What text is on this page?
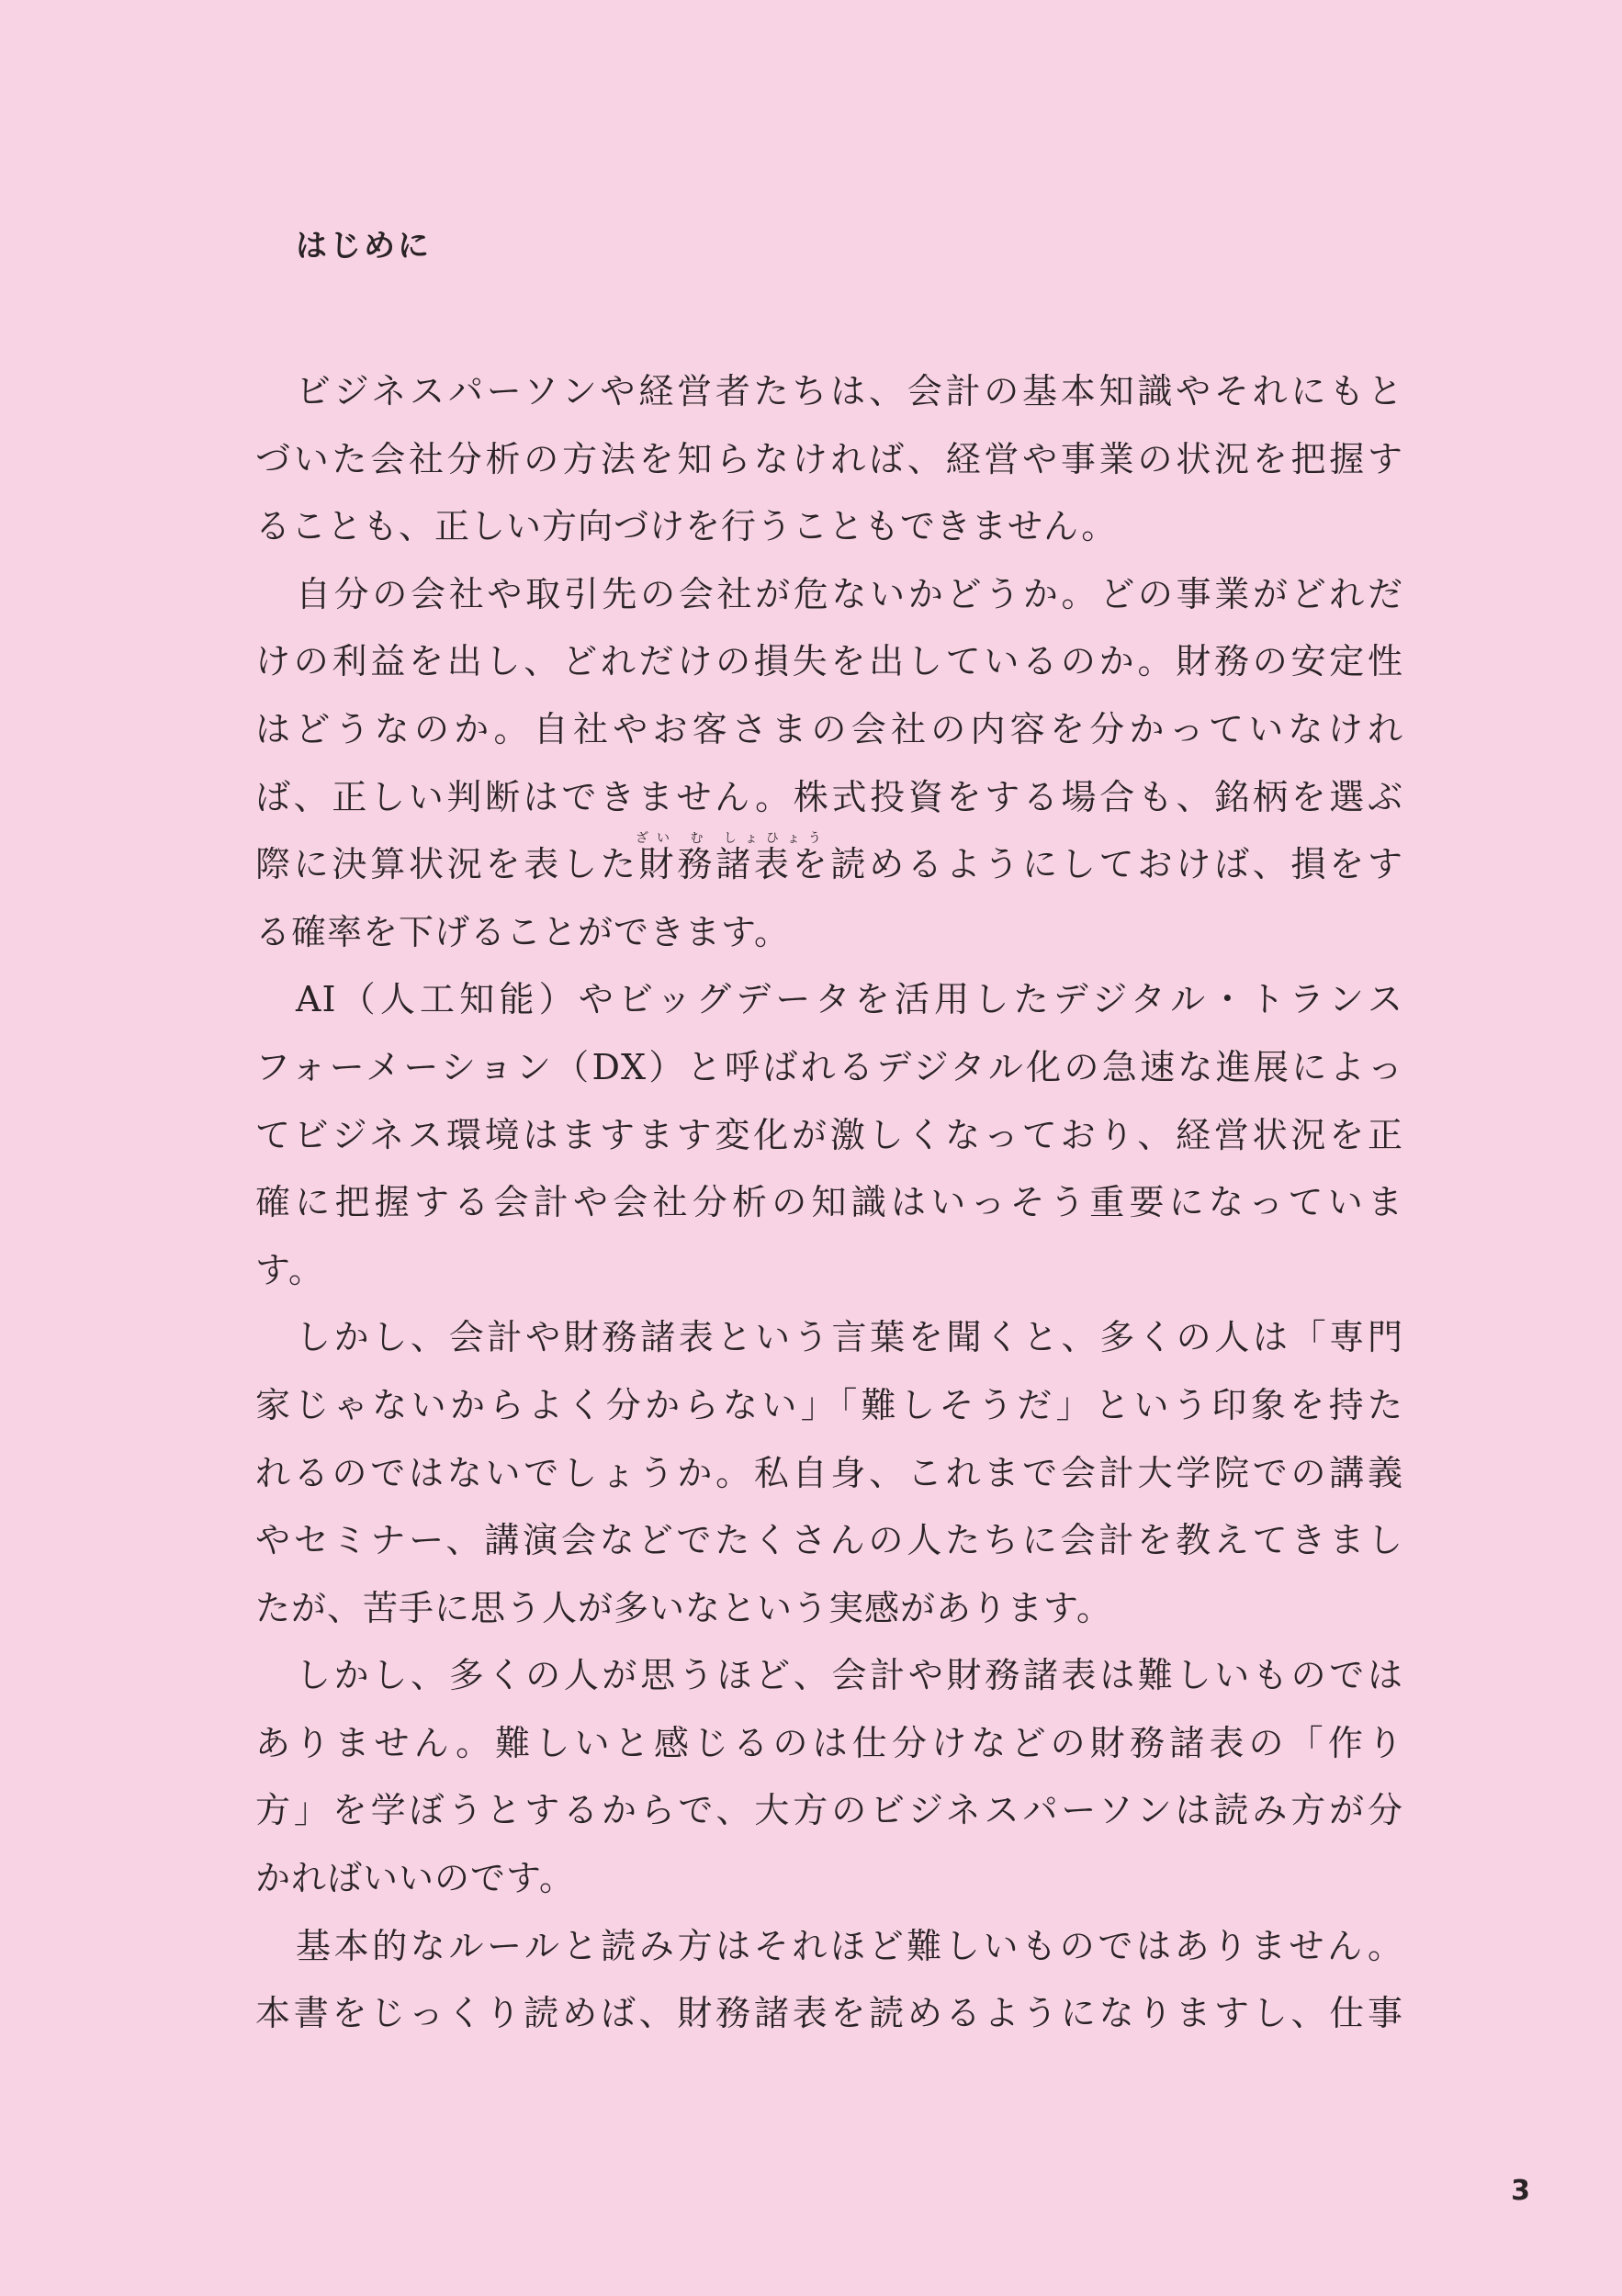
はじめに
ざい む しょひょう
ビジネスパーソンや経営者たちは、会計の基本知識やそれにもと
づいた会社分析の方法を知らなければ、経営や事業の状況を把握す
ることも、正しい方向づけを行うこともできません。
自分の会社や取引先の会社が危ないかどうか。どの事業がどれだ
けの利益を出し、どれだけの損失を出しているのか。財務の安定性
はどうなのか。自社やお客さまの会社の内容を分かっていなけれ
ば、正しい判断はできません。株式投資をする場合も、銘柄を選ぶ
際に決算状況を表した財務諸表を読めるようにしておけば、損をす
る確率を下げることができます。
AI（人工知能）やビッグデータを活用したデジタル・トランス
フォーメーション（DX）と呼ばれるデジタル化の急速な進展によっ
てビジネス環境はますます変化が激しくなっており、経営状況を正
確に把握する会計や会社分析の知識はいっそう重要になっていま
す。
しかし、会計や財務諸表という言葉を聞くと、多くの人は「専門
家じゃないからよく分からない」「難しそうだ」という印象を持た
れるのではないでしょうか。私自身、これまで会計大学院での講義
やセミナー、講演会などでたくさんの人たちに会計を教えてきまし
たが、苦手に思う人が多いなという実感があります。
しかし、多くの人が思うほど、会計や財務諸表は難しいものでは
ありません。難しいと感じるのは仕分けなどの財務諸表の「作り
方」を学ぼうとするからで、大方のビジネスパーソンは読み方が分
かればいいのです。
基本的なルールと読み方はそれほど難しいものではありません。
本書をじっくり読めば、財務諸表を読めるようになりますし、仕事
3
